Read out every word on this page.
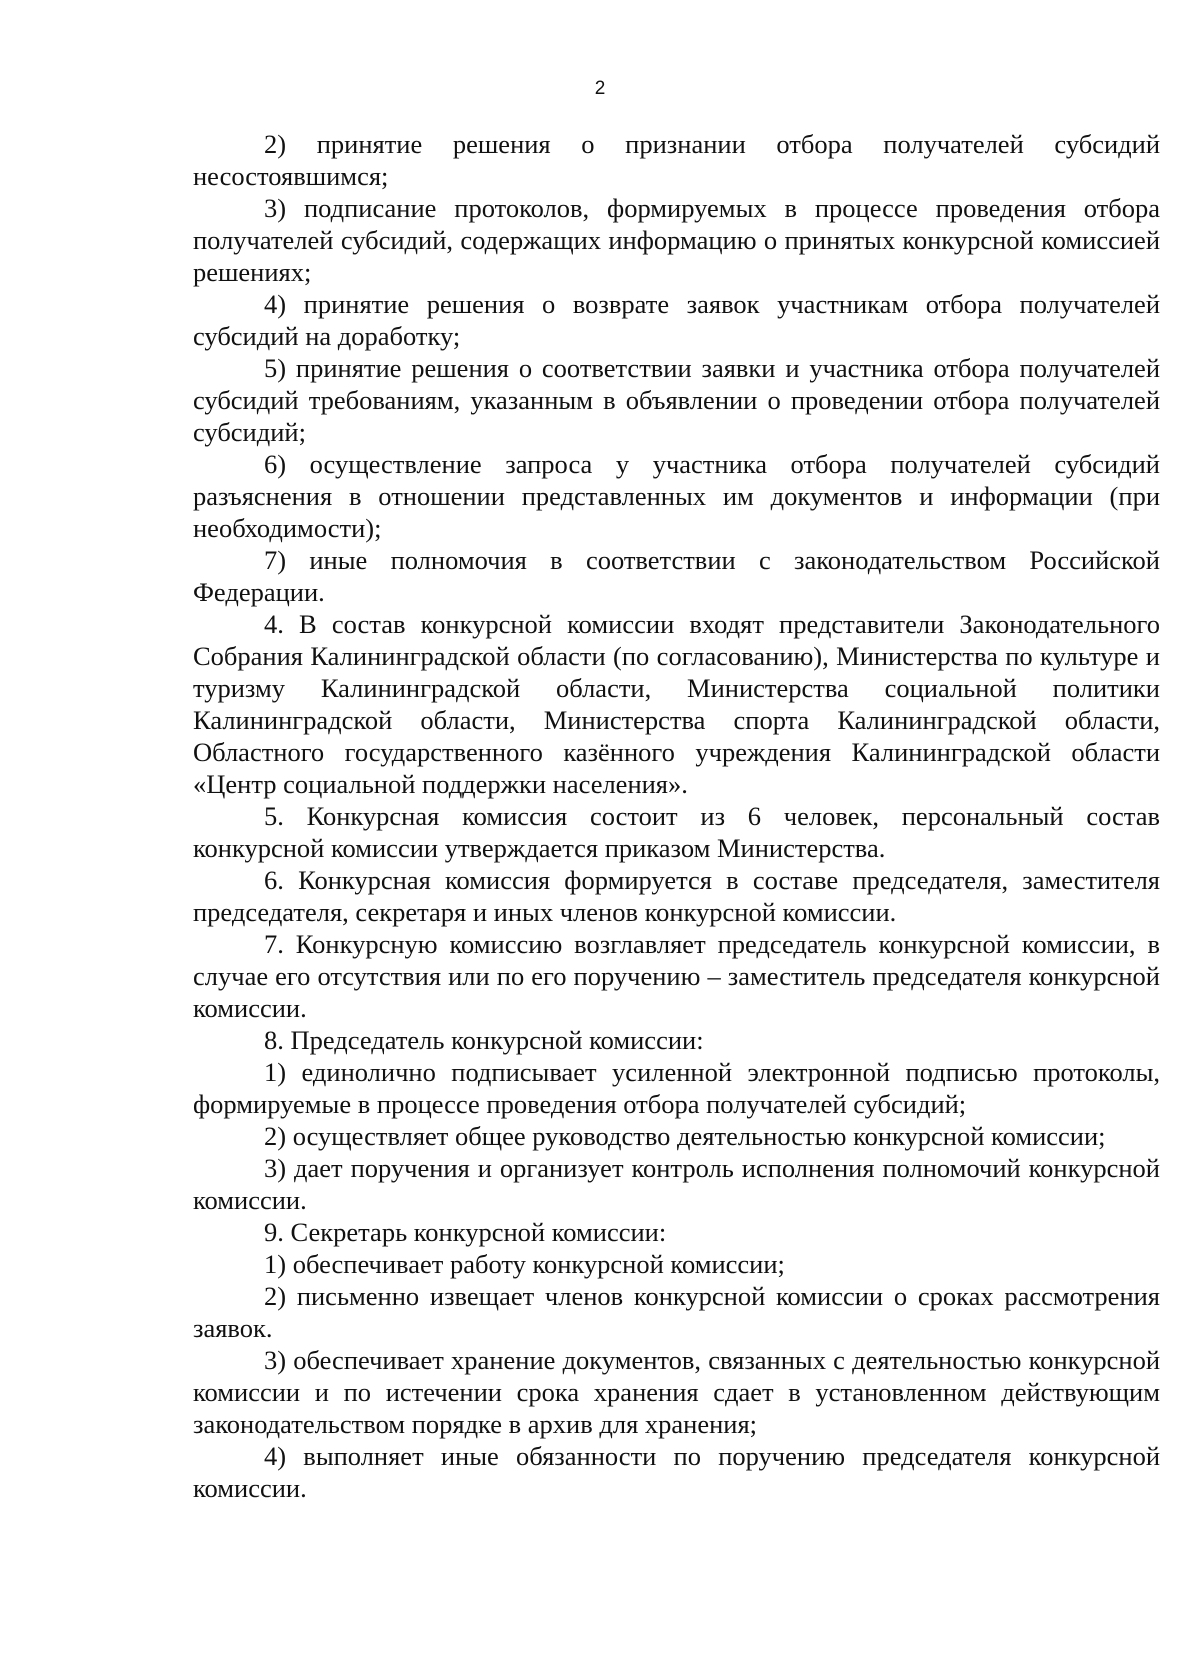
2

2) принятие решения о признании отбора получателей субсидий несостоявшимся;

3) подписание протоколов, формируемых в процессе проведения отбора получателей субсидий, содержащих информацию о принятых конкурсной комиссией решениях;

4) принятие решения о возврате заявок участникам отбора получателей субсидий на доработку;

5) принятие решения о соответствии заявки и участника отбора получателей субсидий требованиям, указанным в объявлении о проведении отбора получателей субсидий;

6) осуществление запроса у участника отбора получателей субсидий разъяснения в отношении представленных им документов и информации (при необходимости);

7) иные полномочия в соответствии с законодательством Российской Федерации.

4. В состав конкурсной комиссии входят представители Законодательного Собрания Калининградской области (по согласованию), Министерства по культуре и туризму Калининградской области, Министерства социальной политики Калининградской области, Министерства спорта Калининградской области, Областного государственного казённого учреждения Калининградской области «Центр социальной поддержки населения».

5. Конкурсная комиссия состоит из 6 человек, персональный состав конкурсной комиссии утверждается приказом Министерства.

6. Конкурсная комиссия формируется в составе председателя, заместителя председателя, секретаря и иных членов конкурсной комиссии.

7. Конкурсную комиссию возглавляет председатель конкурсной комиссии, в случае его отсутствия или по его поручению – заместитель председателя конкурсной комиссии.

8. Председатель конкурсной комиссии:

1) единолично подписывает усиленной электронной подписью протоколы, формируемые в процессе проведения отбора получателей субсидий;

2) осуществляет общее руководство деятельностью конкурсной комиссии;

3) дает поручения и организует контроль исполнения полномочий конкурсной комиссии.

9. Секретарь конкурсной комиссии:

1) обеспечивает работу конкурсной комиссии;

2) письменно извещает членов конкурсной комиссии о сроках рассмотрения заявок.

3) обеспечивает хранение документов, связанных с деятельностью конкурсной комиссии и по истечении срока хранения сдает в установленном действующим законодательством порядке в архив для хранения;

4) выполняет иные обязанности по поручению председателя конкурсной комиссии.
